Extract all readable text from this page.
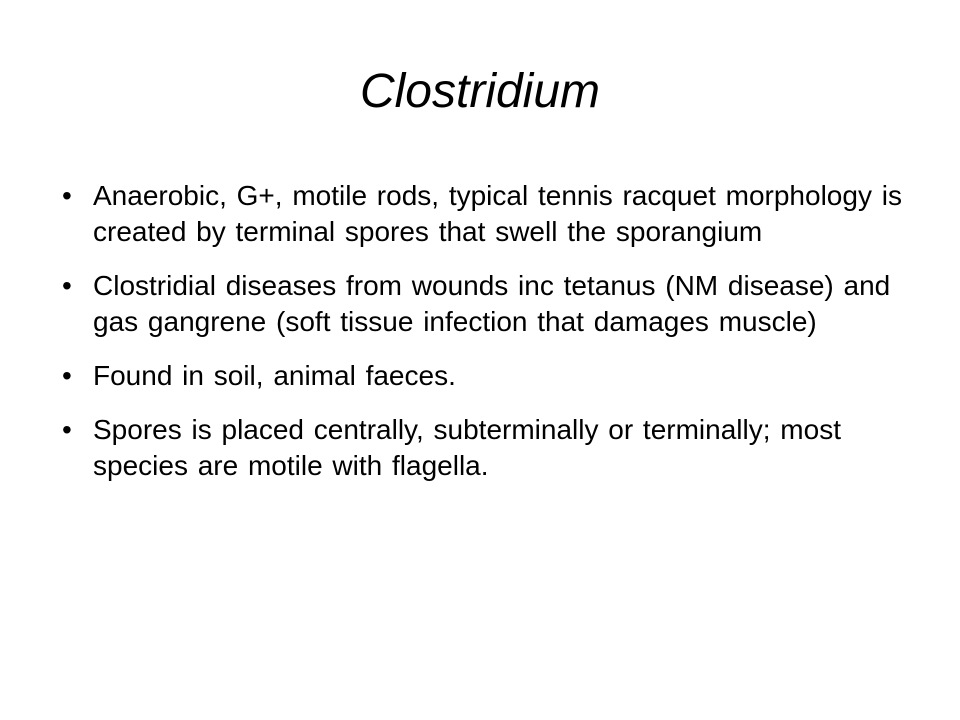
Clostridium
• Anaerobic, G+, motile rods, typical tennis racquet morphology is created by terminal spores that swell the sporangium
• Clostridial diseases from wounds inc tetanus (NM disease) and gas gangrene (soft tissue infection that damages muscle)
• Found in soil, animal faeces.
• Spores is placed centrally, subterminally or terminally; most species are motile with flagella.
